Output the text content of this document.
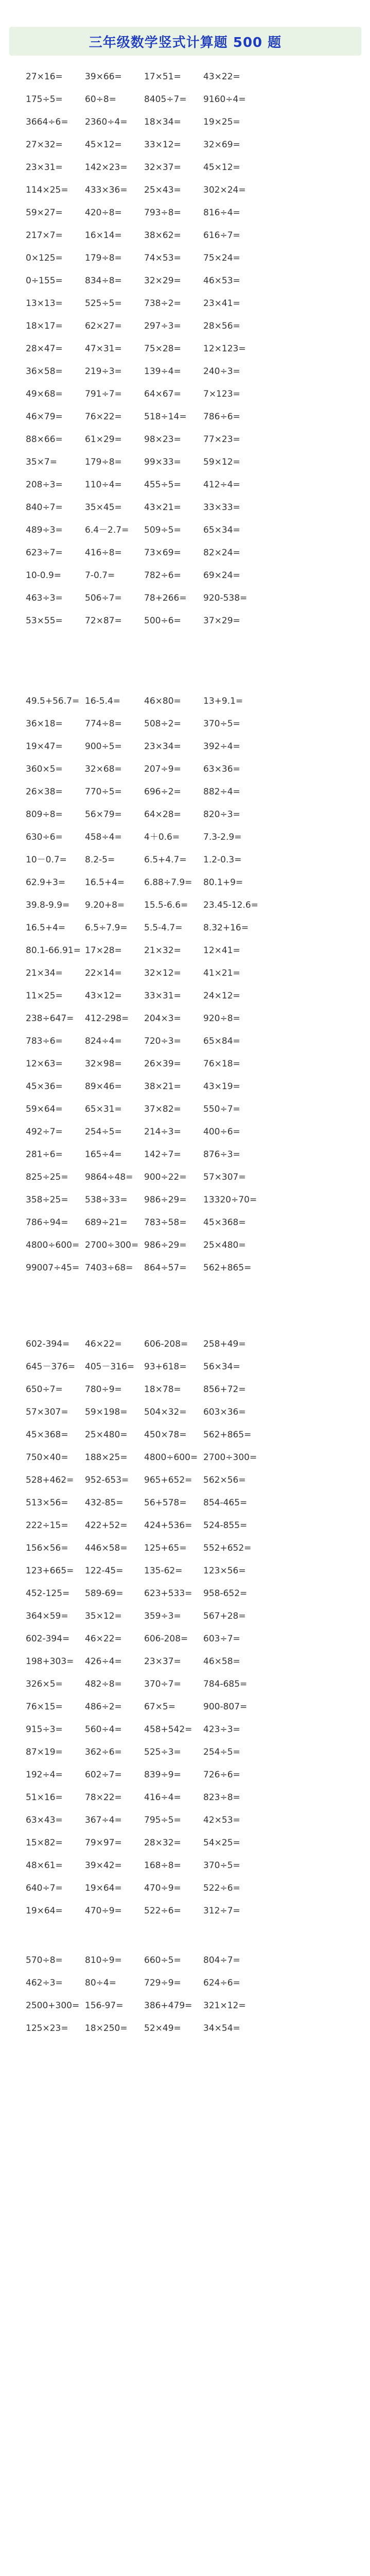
三年级数学竖式计算题 500 题
27×16=	39×66=	17×51=	43×22=
175÷5=	60÷8=	8405÷7= 9160÷4=
3664÷6= 2360÷4= 18×34=	19×25=
27×32=	45×12=	33×12=	32×69=
23×31=	142×23= 32×37=	45×12=
114×25= 433×36= 25×43=	302×24=
59×27=	420÷8=	793÷8=	816÷4=
217×7=	16×14=	38×62=	616÷7=
0×125=	179÷8=	74×53=	75×24=
0÷155=	834÷8=	32×29=	46×53=
13×13=	525÷5=	738÷2=	23×41=
18×17=	62×27=	297÷3=	28×56=
28×47=	47×31=	75×28=	12×123=
36×58=	219÷3=	139÷4=	240÷3=
49×68=	791÷7=	64×67=	7×123=
46×79=	76×22=	518÷14= 786÷6=
88×66=	61×29=	98×23=	77×23=
35×7=	179÷8=	99×33=	59×12=
208÷3=	110÷4=	455÷5=	412÷4=
840÷7=	35×45=	43×21=	33×33=
489÷3=	6.4－2.7= 509÷5=	65×34=
623÷7=	416÷8=	73×69=	82×24=
10-0.9=	7-0.7=	782÷6=	69×24=
463÷3=	506÷7=	78+266= 920-538=
53×55=	72×87=	500÷6=	37×29=
49.5+56.7= 16-5.4=	46×80=	13+9.1=
36×18=	774÷8=	508÷2=	370÷5=
19×47=	900÷5=	23×34=	392÷4=
360×5=	32×68=	207÷9=	63×36=
26×38=	770÷5=	696÷2=	882÷4=
809÷8=	56×79=	64×28=	820÷3=
630÷6=	458÷4=	4＋0.6=	7.3-2.9=
10－0.7= 8.2-5=	6.5+4.7= 1.2-0.3=
62.9+3= 16.5+4= 6.88÷7.9= 80.1+9=
39.8-9.9= 9.20+8= 15.5-6.6= 23.45-12.6=
16.5+4= 6.5÷7.9= 5.5-4.7= 8.32+16=
80.1-66.91= 17×28=	21×32=	12×41=
21×34=	22×14=	32×12=	41×21=
11×25=	43×12=	33×31=	24×12=
238÷647= 412-298= 204×3=	920÷8=
783÷6=	824÷4=	720÷3=	65×84=
12×63=	32×98=	26×39=	76×18=
45×36=	89×46=	38×21=	43×19=
59×64=	65×31=	37×82=	550÷7=
492÷7=	254÷5=	214÷3=	400÷6=
281÷6=	165÷4=	142÷7=	876÷3=
825÷25= 9864÷48= 900÷22= 57×307=
358÷25= 538÷33= 986÷29= 13320÷70=
786÷94= 689÷21= 783÷58= 45×368=
4800÷600= 2700÷300= 986÷29= 25×480=
99007÷45= 7403÷68= 864÷57= 562+865=
602-394= 46×22=	606-208= 258+49=
645－376= 405－316= 93+618= 56×34=
650÷7=	780÷9=	18×78=	856+72=
57×307= 59×198= 504×32= 603×36=
45×368= 25×480= 450×78= 562+865=
750×40= 188×25= 4800÷600= 2700÷300=
528+462= 952-653= 965+652= 562×56=
513×56= 432-85= 56+578= 854-465=
222÷15= 422+52= 424+536= 524-855=
156×56= 446×58= 125+65= 552+652=
123+665= 122-45= 135-62= 123×56=
452-125= 589-69= 623+533= 958-652=
364×59= 35×12=	359÷3=	567+28=
602-394= 46×22=	606-208= 603÷7=
198+303= 426÷4=	23×37=	46×58=
326×5=	482÷8=	370÷7=	784-685=
76×15=	486÷2=	67×5=	900-807=
915÷3=	560÷4=	458+542= 423÷3=
87×19=	362÷6=	525÷3=	254÷5=
192÷4=	602÷7=	839÷9=	726÷6=
51×16=	78×22=	416÷4=	823÷8=
63×43=	367÷4=	795÷5=	42×53=
15×82=	79×97=	28×32=	54×25=
48×61=	39×42=	168÷8=	370÷5=
640÷7=	19×64=	470÷9=	522÷6=
19×64=	470÷9=	522÷6=	312÷7=
570÷8=	810÷9=	660÷5=	804÷7=
462÷3=	80÷4=	729÷9=	624÷6=
2500+300= 156-97= 386+479= 321×12=
125×23= 18×250= 52×49=	34×54=
